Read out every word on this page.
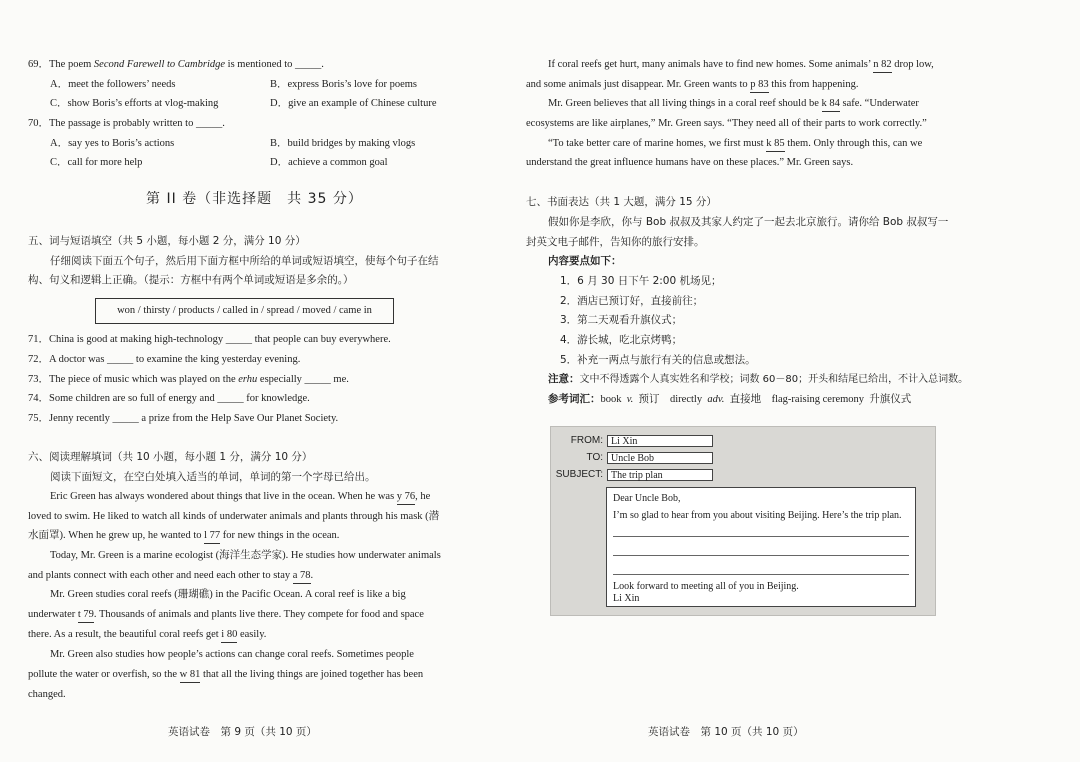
69．The poem Second Farewell to Cambridge is mentioned to _____.
A．meet the followers’ needs	B．express Boris’s love for poems
C．show Boris’s efforts at vlog-making	D．give an example of Chinese culture
70．The passage is probably written to _____.
A．say yes to Boris’s actions	B．build bridges by making vlogs
C．call for more help	D．achieve a common goal
第 II 卷（非选择题　共 35 分）
五、词与短语填空（共 5 小题，每小题 2 分，满分 10 分）
仔细阅读下面五个句子，然后用下面方框中所给的单词或短语填空，使每个句子在结
构、句义和逻辑上正确。（提示：方框中有两个单词或短语是多余的。）
won / thirsty / products / called in / spread / moved / came in
71．China is good at making high-technology _____ that people can buy everywhere.
72．A doctor was _____ to examine the king yesterday evening.
73．The piece of music which was played on the erhu especially _____ me.
74．Some children are so full of energy and _____ for knowledge.
75．Jenny recently _____ a prize from the Help Save Our Planet Society.
六、阅读理解填词（共 10 小题，每小题 1 分，满分 10 分）
阅读下面短文，在空白处填入适当的单词，单词的第一个字母已给出。
Eric Green has always wondered about things that live in the ocean. When he was y 76, he
loved to swim. He liked to watch all kinds of underwater animals and plants through his mask (潜
水面罩). When he grew up, he wanted to l 77 for new things in the ocean.
Today, Mr. Green is a marine ecologist (海洋生态学家). He studies how underwater animals
and plants connect with each other and need each other to stay a 78.
Mr. Green studies coral reefs (珊瑚礁) in the Pacific Ocean. A coral reef is like a big
underwater t 79. Thousands of animals and plants live there. They compete for food and space
there. As a result, the beautiful coral reefs get i 80 easily.
Mr. Green also studies how people’s actions can change coral reefs. Sometimes people
pollute the water or overfish, so the w 81 that all the living things are joined together has been
changed.
英语试卷　第 9 页（共 10 页）
If coral reefs get hurt, many animals have to find new homes. Some animals’ n 82 drop low,
and some animals just disappear. Mr. Green wants to p 83 this from happening.
Mr. Green believes that all living things in a coral reef should be k 84 safe. “Underwater
ecosystems are like airplanes,” Mr. Green says. “They need all of their parts to work correctly.”
“To take better care of marine homes, we first must k 85 them. Only through this, can we
understand the great influence humans have on these places.” Mr. Green says.
七、书面表达（共 1 大题，满分 15 分）
假如你是李欣，你与 Bob 叔叔及其家人约定了一起去北京旅行。请你给 Bob 叔叔写一
封英文电子邮件，告知你的旅行安排。
内容要点如下：
1．6 月 30 日下午 2:00 机场见；
2．酒店已预订好，直接前往；
3．第二天观看升旗仪式；
4．游长城，吃北京烤鸭；
5．补充一两点与旅行有关的信息或想法。
注意：文中不得透露个人真实姓名和学校；词数 60－80；开头和结尾已给出，不计入总词数。
参考词汇：book v. 预订 directly adv. 直接地 flag-raising ceremony 升旗仪式
英语试卷　第 10 页（共 10 页）
FROM: Li Xin
TO: Uncle Bob
SUBJECT: The trip plan
Dear Uncle Bob,
I’m so glad to hear from you about visiting Beijing. Here’s the trip plan.
Look forward to meeting all of you in Beijing.
Li Xin
